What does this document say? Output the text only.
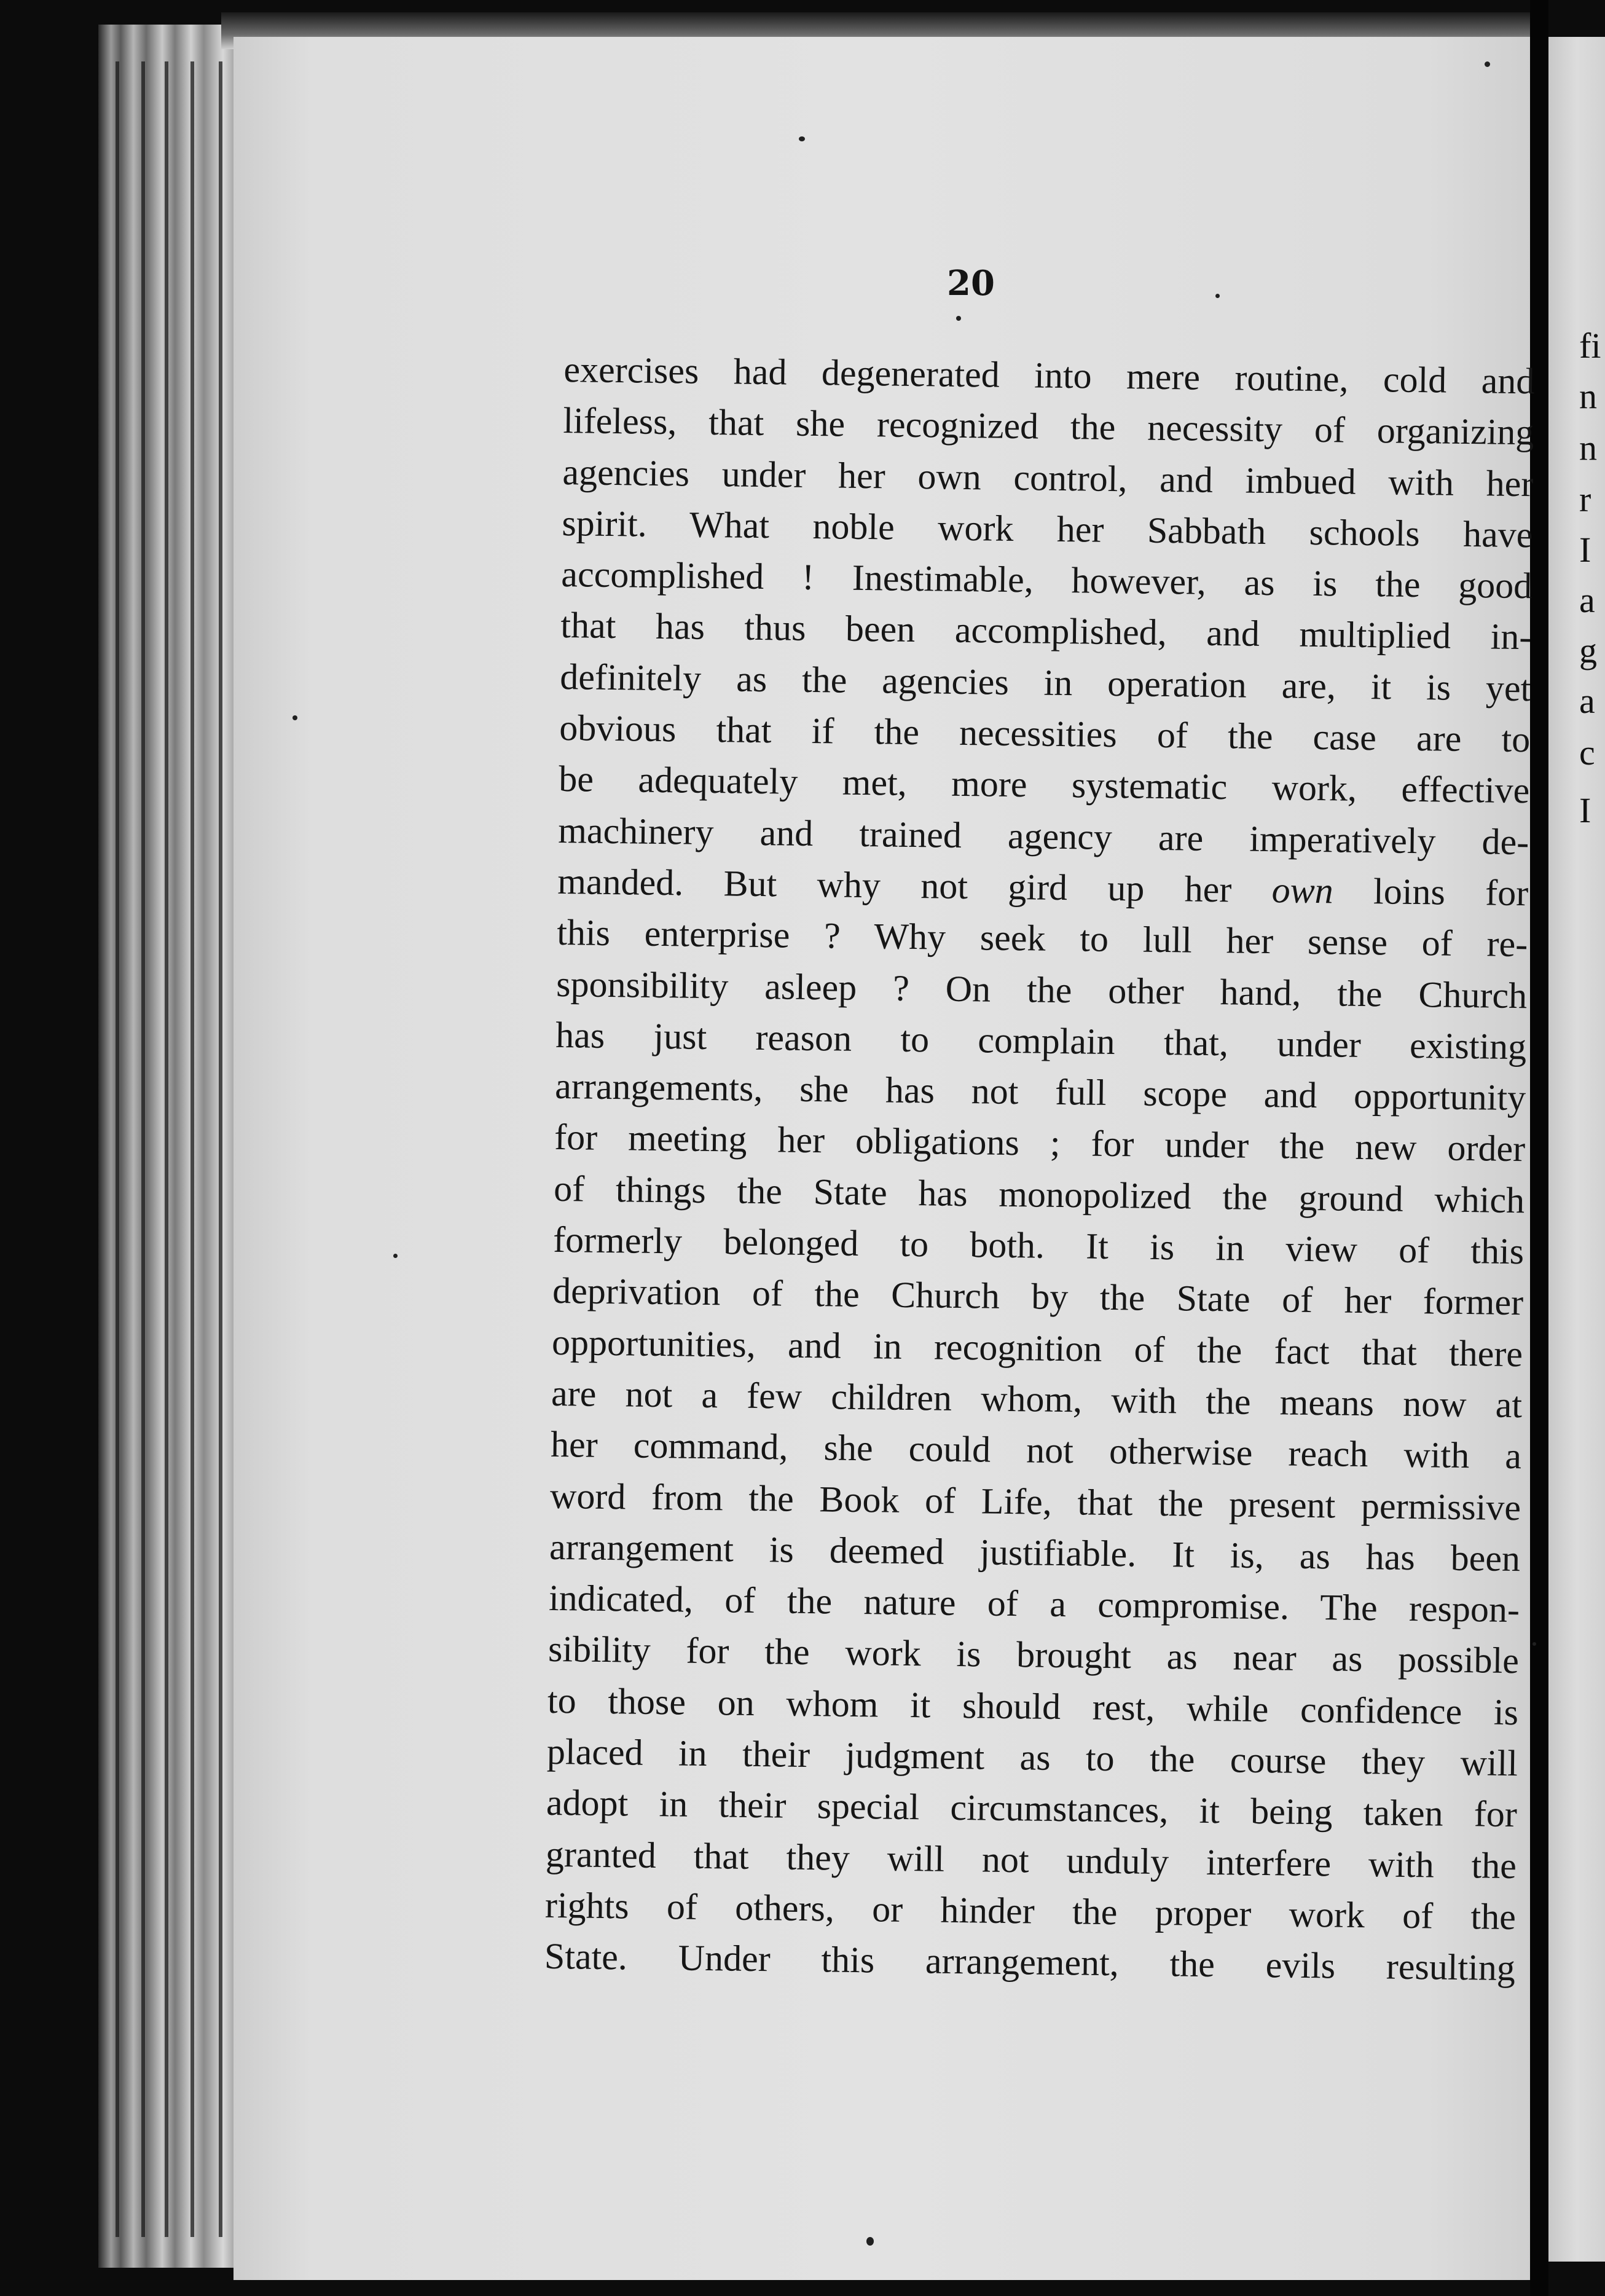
fi
n
n
r
I
a
g
a
c
I
20
exercises had degenerated into mere routine, cold and
lifeless, that she recognized the necessity of organizing
agencies under her own control, and imbued with her
spirit. What noble work her Sabbath schools have
accomplished ! Inestimable, however, as is the good
that has thus been accomplished, and multiplied in-
definitely as the agencies in operation are, it is yet
obvious that if the necessities of the case are to
be adequately met, more systematic work, effective
machinery and trained agency are imperatively de-
manded. But why not gird up her own loins for
this enterprise ? Why seek to lull her sense of re-
sponsibility asleep ? On the other hand, the Church
has just reason to complain that, under existing
arrangements, she has not full scope and opportunity
for meeting her obligations ; for under the new order
of things the State has monopolized the ground which
formerly belonged to both. It is in view of this
deprivation of the Church by the State of her former
opportunities, and in recognition of the fact that there
are not a few children whom, with the means now at
her command, she could not otherwise reach with a
word from the Book of Life, that the present permissive
arrangement is deemed justifiable. It is, as has been
indicated, of the nature of a compromise. The respon-
sibility for the work is brought as near as possible
to those on whom it should rest, while confidence is
placed in their judgment as to the course they will
adopt in their special circumstances, it being taken for
granted that they will not unduly interfere with the
rights of others, or hinder the proper work of the
State. Under this arrangement, the evils resulting
